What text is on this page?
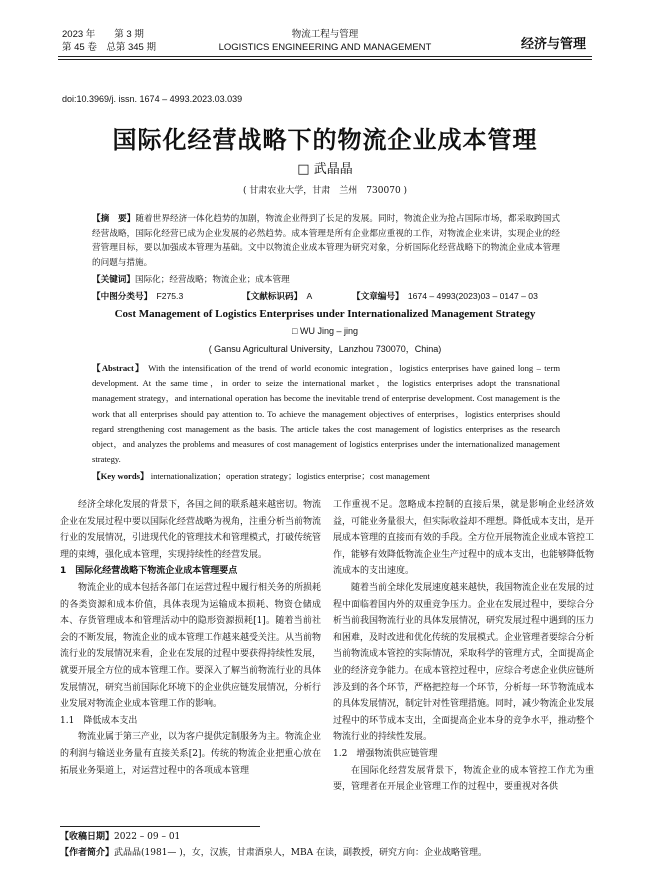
2023 年　　第 3 期
第 45 卷　总第 345 期
物流工程与管理
LOGISTICS ENGINEERING AND MANAGEMENT	经济与管理
doi:10.3969/j. issn. 1674 – 4993.2023.03.039
国际化经营战略下的物流企业成本管理
□ 武晶晶
( 甘肃农业大学，甘肃　兰州　730070 )
【摘　要】随着世界经济一体化趋势的加剧，物流企业得到了长足的发展。同时，物流企业为抢占国际市场，都采取跨国式经营战略，国际化经营已成为企业发展的必然趋势。成本管理是所有企业都应重视的工作，对物流企业来讲，实现企业的经营管理目标，要以加强成本管理为基础。文中以物流企业成本管理为研究对象，分析国际化经营战略下的物流企业成本管理的问题与措施。
【关键词】国际化；经营战略；物流企业；成本管理
【中图分类号】　 F275.3	【文献标识码】　 A	【文章编号】　 1674 – 4993(2023)03 – 0147 – 03
Cost Management of Logistics Enterprises under Internationalized Management Strategy
□ WU Jing – jing
( Gansu Agricultural University，Lanzhou 730070，China)
【Abstract】 With the intensification of the trend of world economic integration，logistics enterprises have gained long – term development. At the same time，in order to seize the international market，the logistics enterprises adopt the transnational management strategy，and international operation has become the inevitable trend of enterprise development. Cost management is the work that all enterprises should pay attention to. To achieve the management objectives of enterprises，logistics enterprises should regard strengthening cost management as the basis. The article takes the cost management of logistics enterprises as the research object，and analyzes the problems and measures of cost management of logistics enterprises under the internationalized management strategy.
【Key words】 internationalization；operation strategy；logistics enterprise；cost management

经济全球化发展的背景下，各国之间的联系越来越密切。物流企业在发展过程中要以国际化经营战略为视角，注重分析当前物流行业的发展情况，引进现代化的管理技术和管理模式，打破传统管理的束缚，强化成本管理，实现持续性的经营发展。

1　国际化经营战略下物流企业成本管理要点

物流企业的成本包括各部门在运营过程中履行相关务的所损耗的各类资源和成本价值，具体表现为运输成本损耗、物资仓储成本、存货管理成本和管理活动中的隐形资源损耗[1]。随着当前社会的不断发展，物流企业的成本管理工作越来越受关注。从当前物流行业的发展情况来看，企业在发展的过程中要获得持续性发展，就要开展全方位的成本管理工作。要深入了解当前物流行业的具体发展情况，研究当前国际化环境下的企业供应链发展情况，分析行业发展对物流企业成本管理工作的影响。

1.1　降低成本支出

物流业属于第三产业，以为客户提供定制服务为主。物流企业的利润与输送业务量有直接关系[2]。传统的物流企业把重心放在拓展业务渠道上，对运营过程中的各项成本管理

工作重视不足。忽略成本控制的直接后果，就是影响企业经济效益，可能业务量很大，但实际收益却不理想。降低成本支出，是开展成本管理的直接而有效的手段。全方位开展物流企业成本管控工作，能够有效降低物流企业生产过程中的成本支出，也能够降低物流成本的支出速度。

随着当前全球化发展速度越来越快，我国物流企业在发展的过程中面临着国内外的双重竞争压力。企业在发展过程中，要综合分析当前我国物流行业的具体发展情况，研究发展过程中遇到的压力和困难，及时改进和优化传统的发展模式。企业管理者要综合分析当前物流成本管控的实际情况，采取科学的管理方式，全面提高企业的经济竞争能力。在成本管控过程中，应综合考虑企业供应链所涉及到的各个环节，严格把控每一个环节，分析每一环节物流成本的具体发展情况，制定针对性管理措施。同时，减少物流企业发展过程中的环节成本支出，全面提高企业本身的竞争水平，推动整个物流行业的持续性发展。

1.2　增强物流供应链管理

在国际化经营发展背景下，物流企业的成本管控工作尤为重要，管理者在开展企业管理工作的过程中，要重视对各供

【收稿日期】2022 – 09 – 01
【作者简介】武晶晶(1981— )，女，汉族，甘肃酒泉人，MBA 在读，副教授，研究方向：企业战略管理。
